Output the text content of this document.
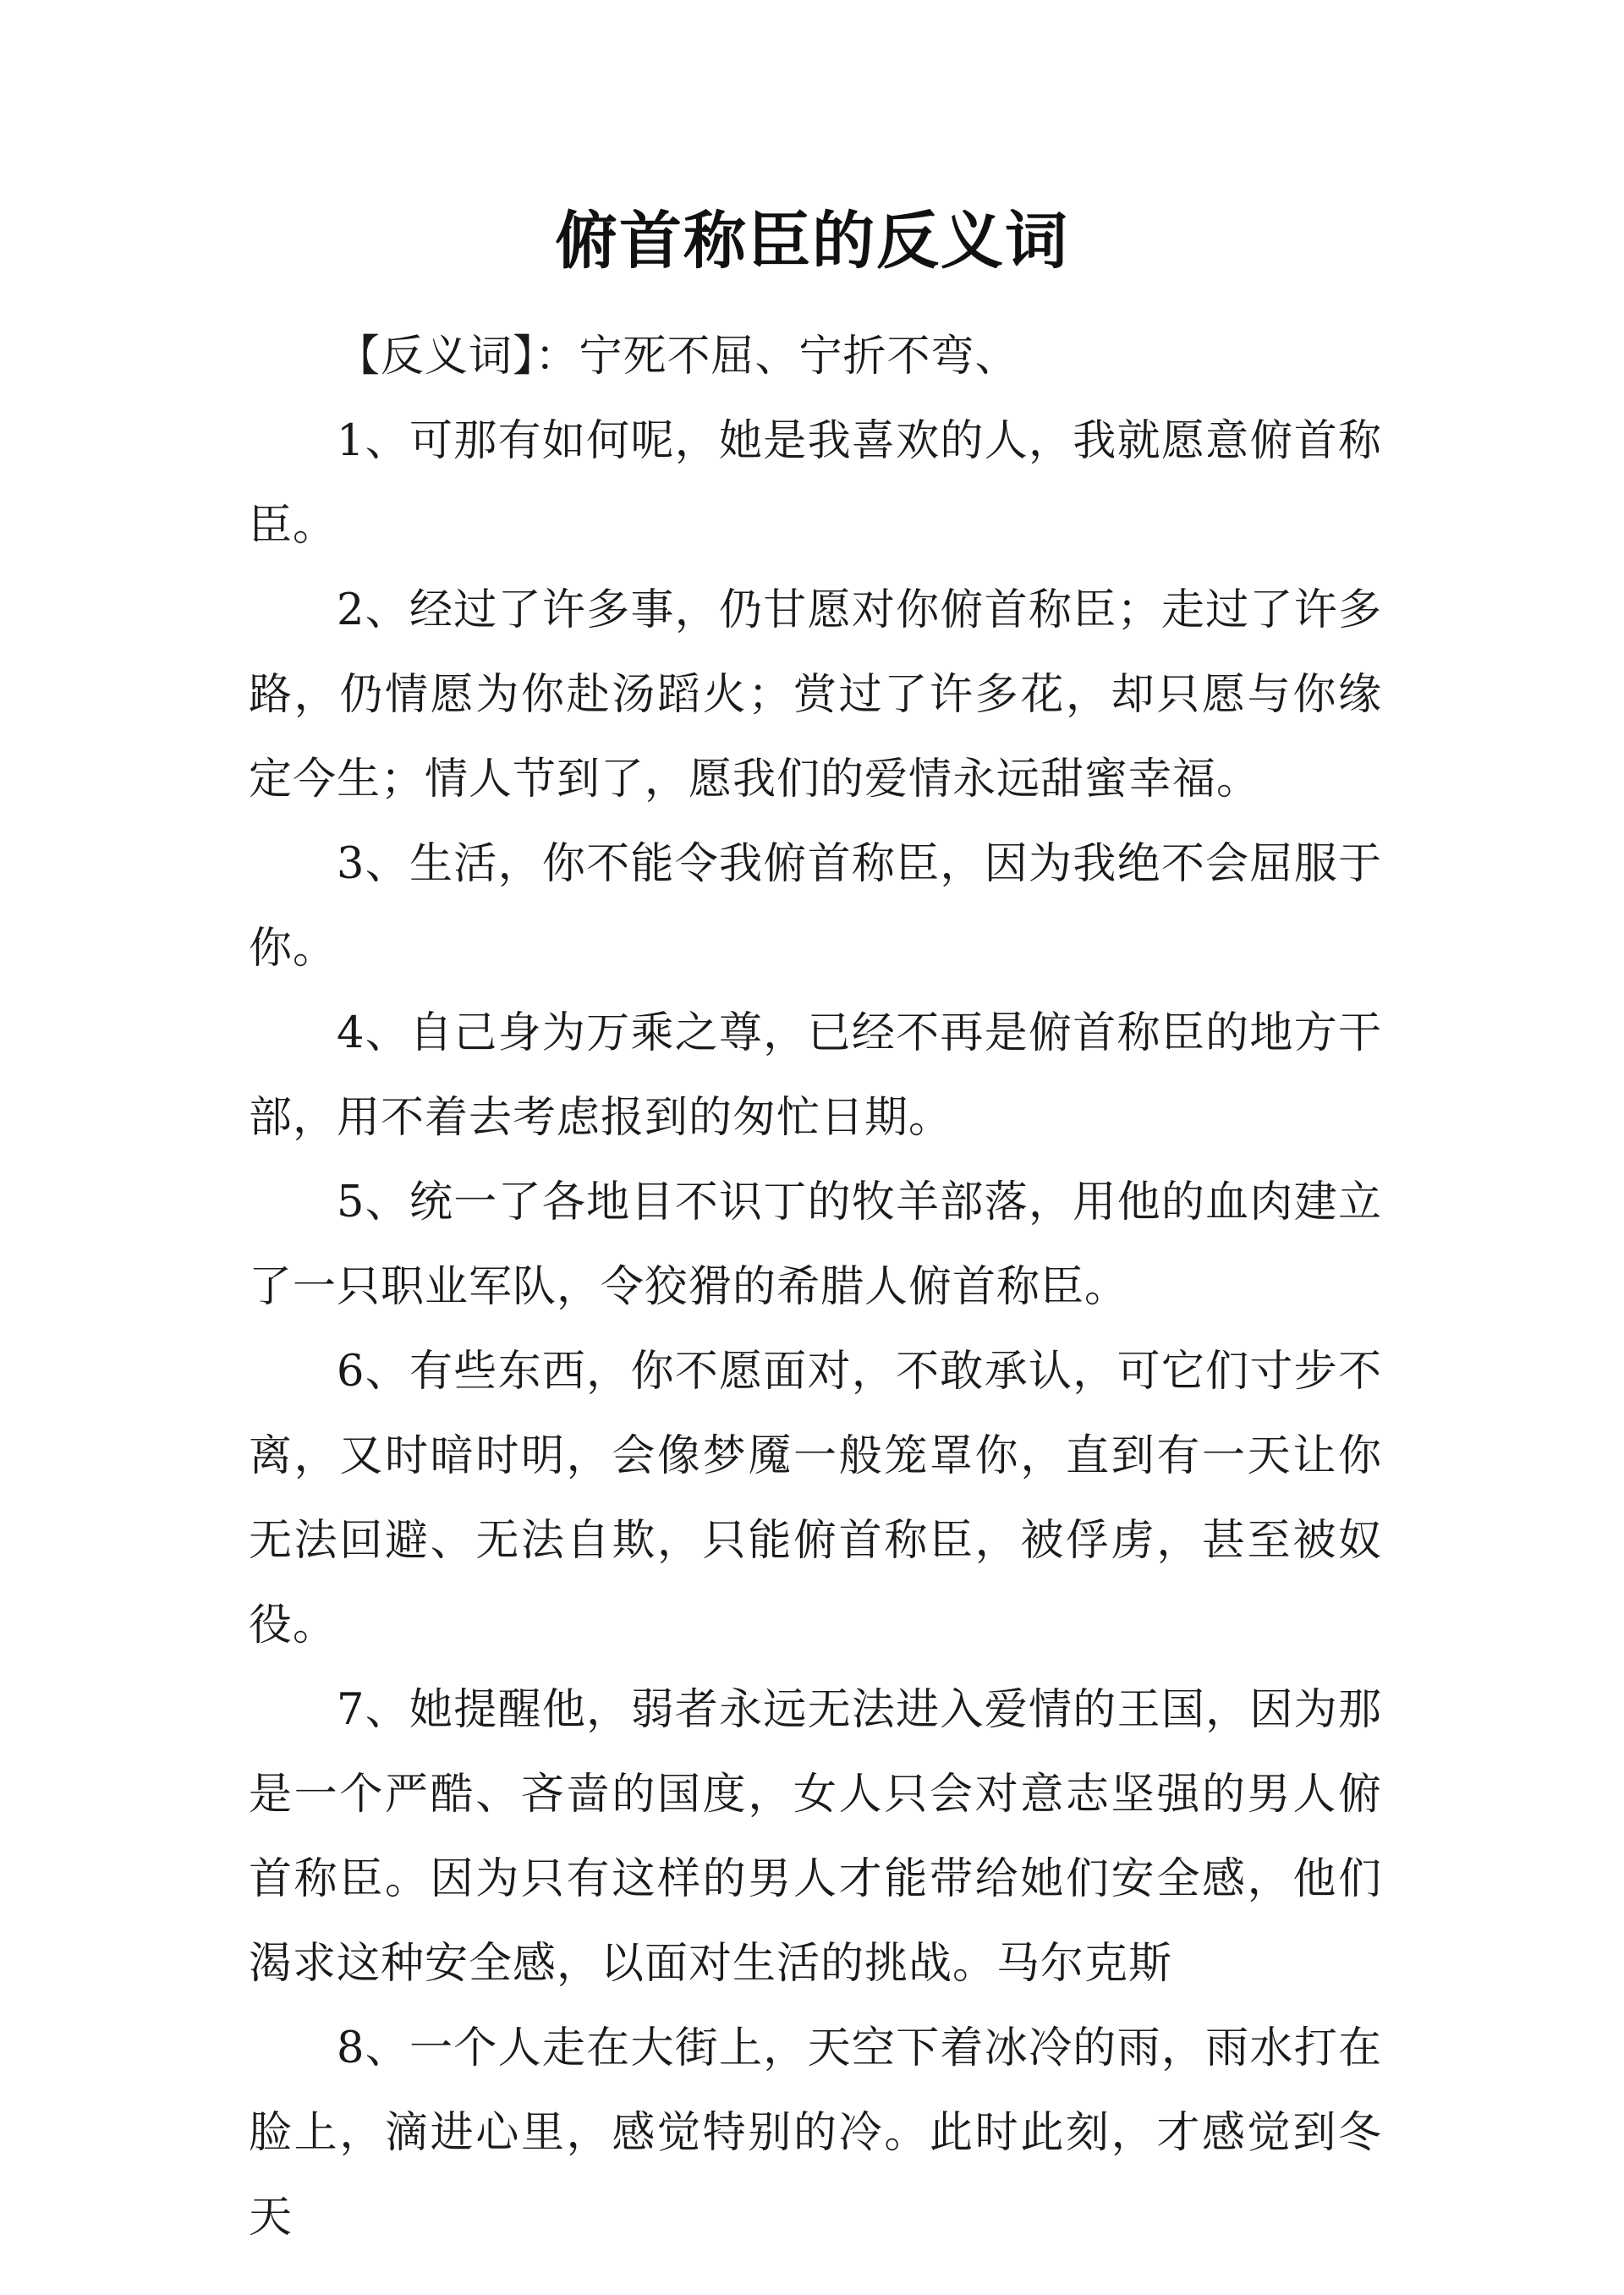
俯首称臣的反义词

【反义词】：宁死不屈、宁折不弯、

1、可那有如何呢，她是我喜欢的人，我就愿意俯首称臣。

2、经过了许多事，仍甘愿对你俯首称臣；走过了许多路，仍情愿为你赴汤蹈火；赏过了许多花，却只愿与你缘定今生；情人节到了，愿我们的爱情永远甜蜜幸福。

3、生活，你不能令我俯首称臣，因为我绝不会屈服于你。

4、自己身为万乘之尊，已经不再是俯首称臣的地方干部，用不着去考虑报到的匆忙日期。

5、统一了各地目不识丁的牧羊部落，用他的血肉建立了一只职业军队，令狡猾的希腊人俯首称臣。

6、有些东西，你不愿面对，不敢承认，可它们寸步不离，又时暗时明，会像梦魇一般笼罩你，直到有一天让你无法回避、无法自欺，只能俯首称臣，被俘虏，甚至被奴役。

7、她提醒他，弱者永远无法进入爱情的王国，因为那是一个严酷、吝啬的国度，女人只会对意志坚强的男人俯首称臣。因为只有这样的男人才能带给她们安全感，他们渴求这种安全感，以面对生活的挑战。马尔克斯

8、一个人走在大街上，天空下着冰冷的雨，雨水打在脸上，滴进心里，感觉特别的冷。此时此刻，才感觉到冬天
